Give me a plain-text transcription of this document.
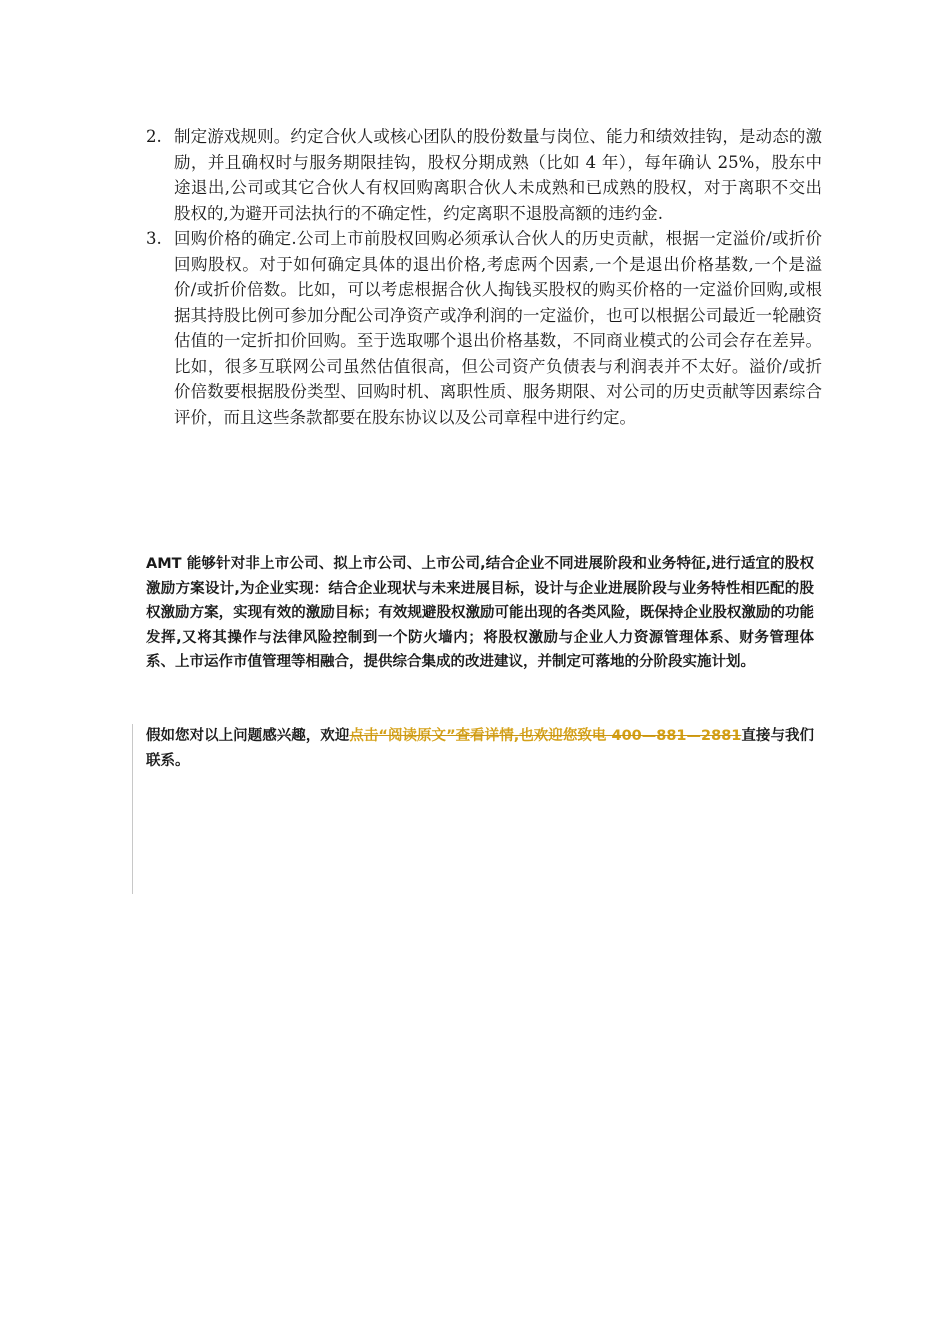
2. 制定游戏规则。约定合伙人或核心团队的股份数量与岗位、能力和绩效挂钩，是动态的激励，并且确权时与服务期限挂钩，股权分期成熟（比如 4 年），每年确认 25%，股东中途退出,公司或其它合伙人有权回购离职合伙人未成熟和已成熟的股权，对于离职不交出股权的,为避开司法执行的不确定性，约定离职不退股高额的违约金.
3. 回购价格的确定.公司上市前股权回购必须承认合伙人的历史贡献，根据一定溢价/或折价回购股权。对于如何确定具体的退出价格,考虑两个因素,一个是退出价格基数,一个是溢价/或折价倍数。比如，可以考虑根据合伙人掏钱买股权的购买价格的一定溢价回购,或根据其持股比例可参加分配公司净资产或净利润的一定溢价，也可以根据公司最近一轮融资估值的一定折扣价回购。至于选取哪个退出价格基数，不同商业模式的公司会存在差异。比如，很多互联网公司虽然估值很高，但公司资产负债表与利润表并不太好。溢价/或折价倍数要根据股份类型、回购时机、离职性质、服务期限、对公司的历史贡献等因素综合评价，而且这些条款都要在股东协议以及公司章程中进行约定。

AMT 能够针对非上市公司、拟上市公司、上市公司,结合企业不同进展阶段和业务特征,进行适宜的股权激励方案设计,为企业实现：结合企业现状与未来进展目标，设计与企业进展阶段与业务特性相匹配的股权激励方案，实现有效的激励目标；有效规避股权激励可能出现的各类风险，既保持企业股权激励的功能发挥,又将其操作与法律风险控制到一个防火墙内；将股权激励与企业人力资源管理体系、财务管理体系、上市运作市值管理等相融合，提供综合集成的改进建议，并制定可落地的分阶段实施计划。

假如您对以上问题感兴趣，欢迎点击“阅读原文”查看详情,也欢迎您致电 400—881—2881直接与我们联系。
